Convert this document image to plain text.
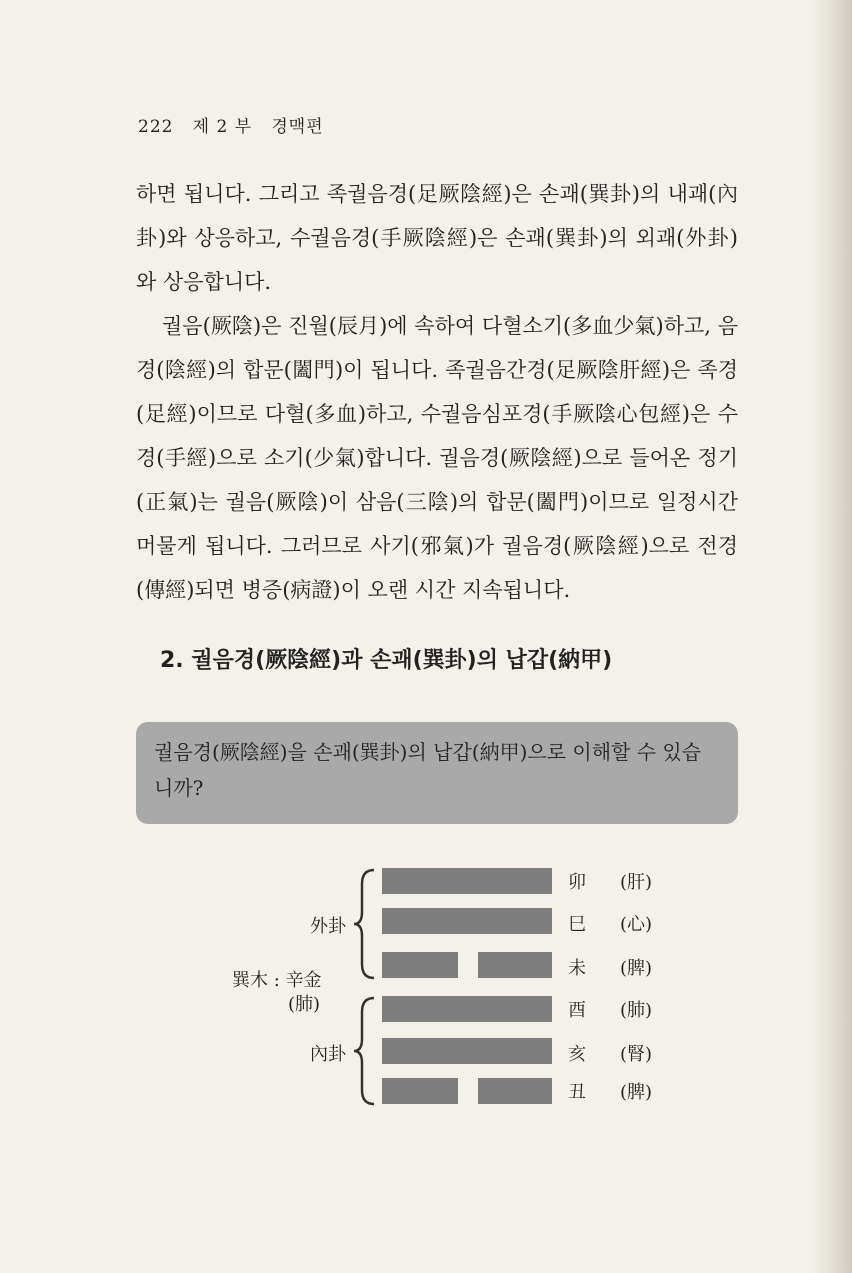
222 제 2 부 경맥편

하면 됩니다. 그리고 족궐음경(足厥陰經)은 손괘(巽卦)의 내괘(內卦)와 상응하고, 수궐음경(手厥陰經)은 손괘(巽卦)의 외괘(外卦)와 상응합니다.

궐음(厥陰)은 진월(辰月)에 속하여 다혈소기(多血少氣)하고, 음경(陰經)의 합문(闔門)이 됩니다. 족궐음간경(足厥陰肝經)은 족경(足經)이므로 다혈(多血)하고, 수궐음심포경(手厥陰心包經)은 수경(手經)으로 소기(少氣)합니다. 궐음경(厥陰經)으로 들어온 정기(正氣)는 궐음(厥陰)이 삼음(三陰)의 합문(闔門)이므로 일정시간 머물게 됩니다. 그러므로 사기(邪氣)가 궐음경(厥陰經)으로 전경(傳經)되면 병증(病證)이 오랜 시간 지속됩니다.

2. 궐음경(厥陰經)과 손괘(巽卦)의 납갑(納甲)
궐음경(厥陰經)을 손괘(巽卦)의 납갑(納甲)으로 이해할 수 있습니까?
卯 (肝)
巳 (心)
未 (脾)
酉 (肺)
亥 (腎)
丑 (脾)
外卦
內卦
巽木 : 辛金
(肺)
